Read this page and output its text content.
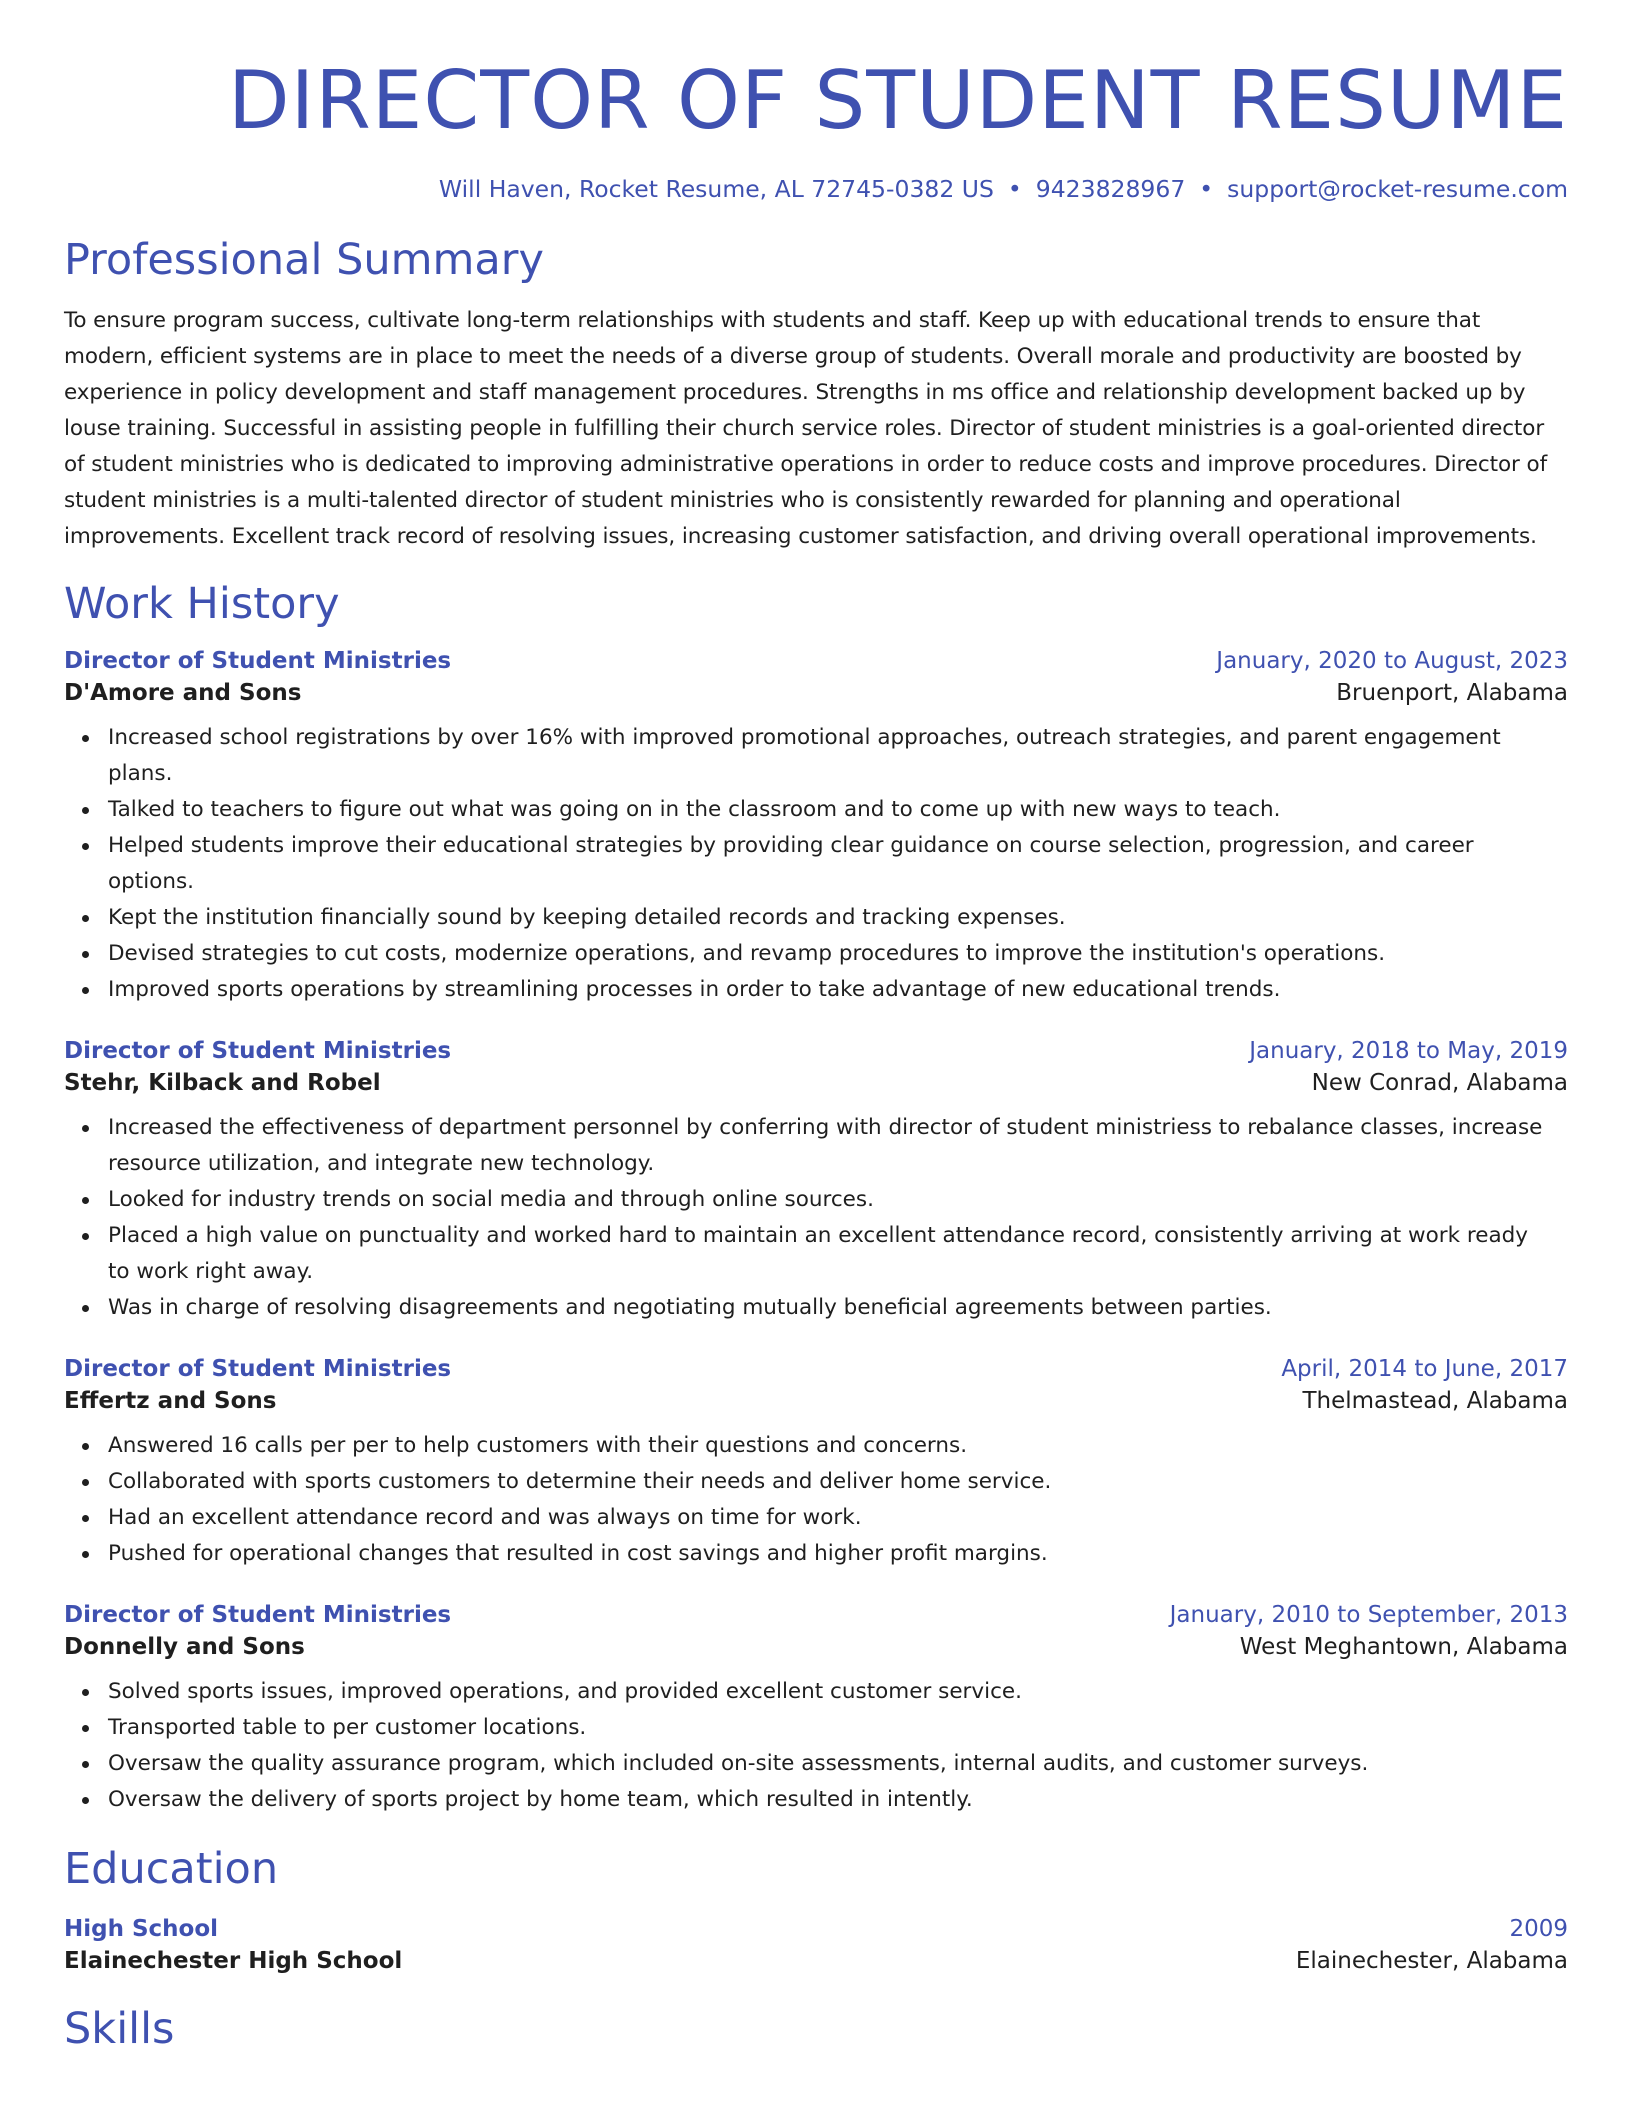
DIRECTOR OF STUDENT RESUME
Will Haven, Rocket Resume, AL 72745-0382 US • 9423828967 • support@rocket-resume.com
Professional Summary
To ensure program success, cultivate long-term relationships with students and staff. Keep up with educational trends to ensure that modern, efficient systems are in place to meet the needs of a diverse group of students. Overall morale and productivity are boosted by experience in policy development and staff management procedures. Strengths in ms office and relationship development backed up by louse training. Successful in assisting people in fulfilling their church service roles. Director of student ministries is a goal-oriented director of student ministries who is dedicated to improving administrative operations in order to reduce costs and improve procedures. Director of student ministries is a multi-talented director of student ministries who is consistently rewarded for planning and operational improvements. Excellent track record of resolving issues, increasing customer satisfaction, and driving overall operational improvements.
Work History
Director of Student Ministries	January, 2020 to August, 2023
D'Amore and Sons	Bruenport, Alabama
Increased school registrations by over 16% with improved promotional approaches, outreach strategies, and parent engagement plans.
Talked to teachers to figure out what was going on in the classroom and to come up with new ways to teach.
Helped students improve their educational strategies by providing clear guidance on course selection, progression, and career options.
Kept the institution financially sound by keeping detailed records and tracking expenses.
Devised strategies to cut costs, modernize operations, and revamp procedures to improve the institution's operations.
Improved sports operations by streamlining processes in order to take advantage of new educational trends.
Director of Student Ministries	January, 2018 to May, 2019
Stehr, Kilback and Robel	New Conrad, Alabama
Increased the effectiveness of department personnel by conferring with director of student ministriess to rebalance classes, increase resource utilization, and integrate new technology.
Looked for industry trends on social media and through online sources.
Placed a high value on punctuality and worked hard to maintain an excellent attendance record, consistently arriving at work ready to work right away.
Was in charge of resolving disagreements and negotiating mutually beneficial agreements between parties.
Director of Student Ministries	April, 2014 to June, 2017
Effertz and Sons	Thelmastead, Alabama
Answered 16 calls per per to help customers with their questions and concerns.
Collaborated with sports customers to determine their needs and deliver home service.
Had an excellent attendance record and was always on time for work.
Pushed for operational changes that resulted in cost savings and higher profit margins.
Director of Student Ministries	January, 2010 to September, 2013
Donnelly and Sons	West Meghantown, Alabama
Solved sports issues, improved operations, and provided excellent customer service.
Transported table to per customer locations.
Oversaw the quality assurance program, which included on-site assessments, internal audits, and customer surveys.
Oversaw the delivery of sports project by home team, which resulted in intently.
Education
High School	2009
Elainechester High School	Elainechester, Alabama
Skills
